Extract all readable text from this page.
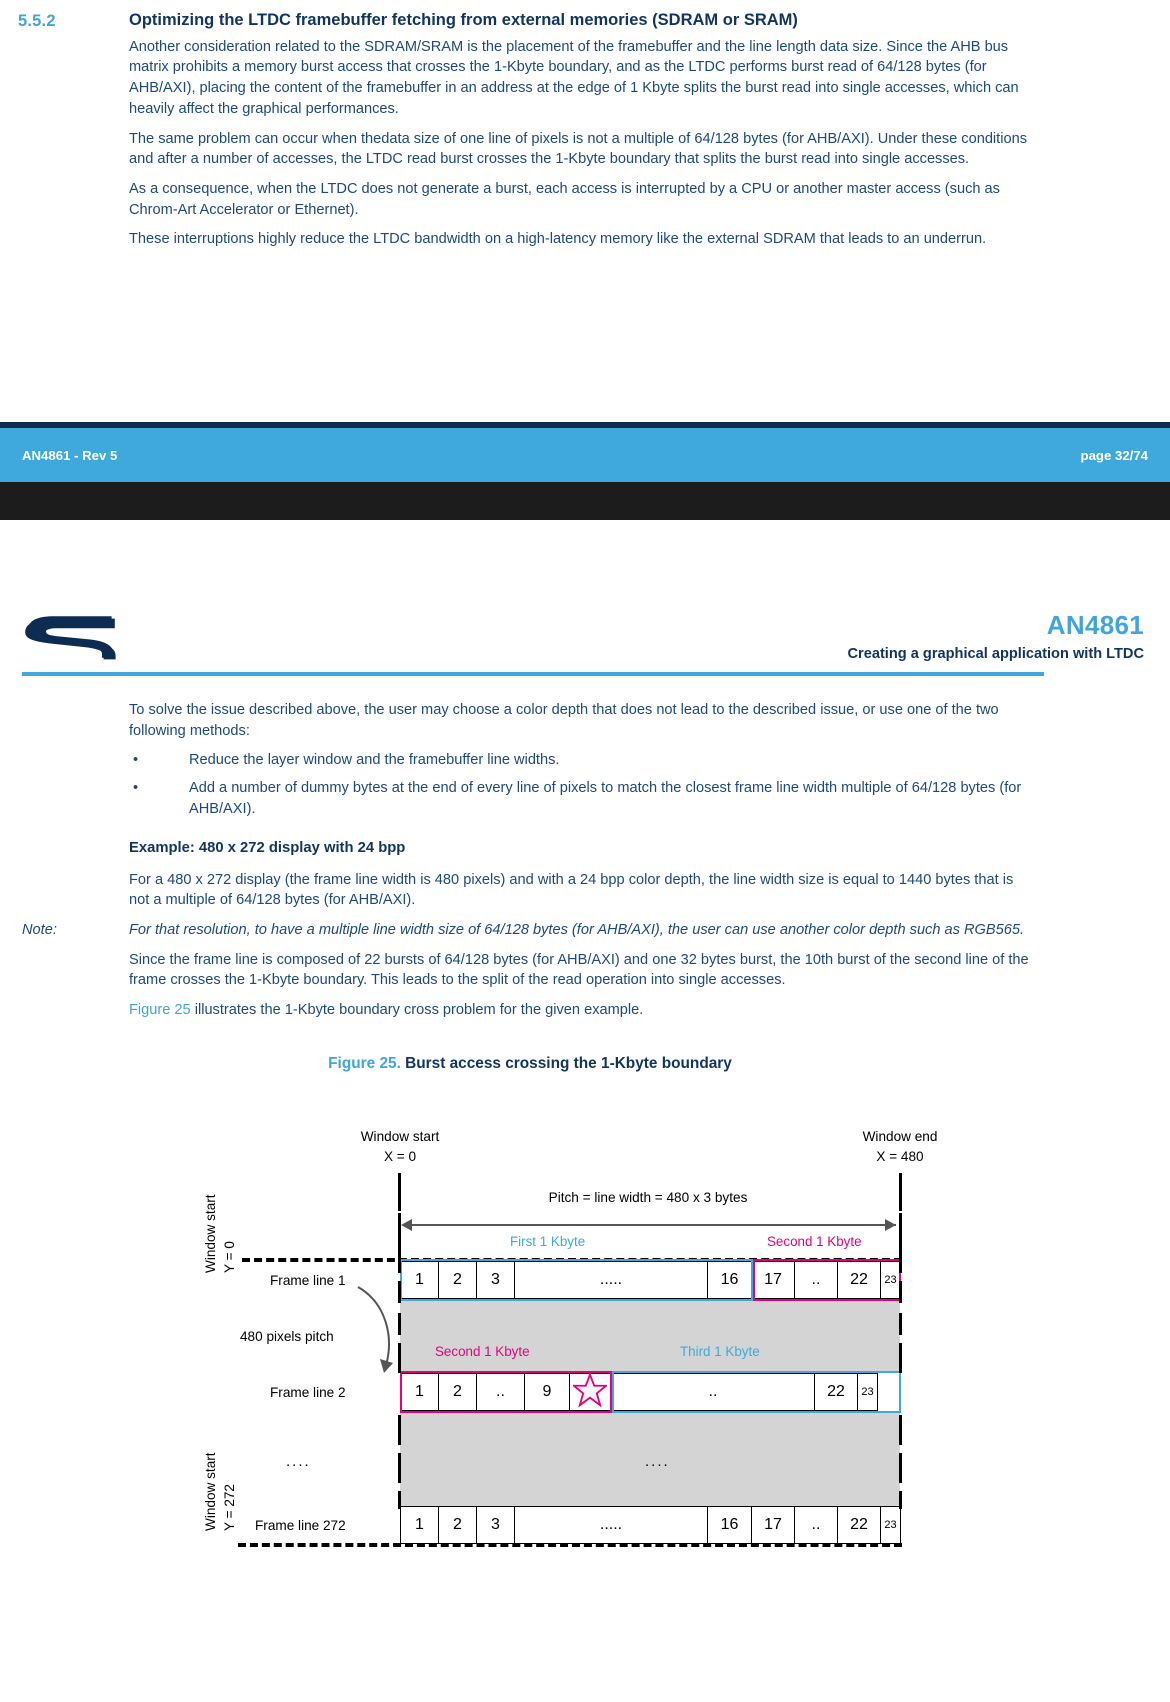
5.5.2	Optimizing the LTDC framebuffer fetching from external memories (SDRAM or SRAM)

Another consideration related to the SDRAM/SRAM is the placement of the framebuffer and the line length data size. Since the AHB bus matrix prohibits a memory burst access that crosses the 1-Kbyte boundary, and as the LTDC performs burst read of 64/128 bytes (for AHB/AXI), placing the content of the framebuffer in an address at the edge of 1 Kbyte splits the burst read into single accesses, which can heavily affect the graphical performances.

The same problem can occur when thedata size of one line of pixels is not a multiple of 64/128 bytes (for AHB/AXI). Under these conditions and after a number of accesses, the LTDC read burst crosses the 1-Kbyte boundary that splits the burst read into single accesses.

As a consequence, when the LTDC does not generate a burst, each access is interrupted by a CPU or another master access (such as Chrom-Art Accelerator or Ethernet).

These interruptions highly reduce the LTDC bandwidth on a high-latency memory like the external SDRAM that leads to an underrun.

AN4861 - Rev 5	page 32/74
AN4861
Creating a graphical application with LTDC

To solve the issue described above, the user may choose a color depth that does not lead to the described issue, or use one of the two following methods:

•	Reduce the layer window and the framebuffer line widths.
•	Add a number of dummy bytes at the end of every line of pixels to match the closest frame line width multiple of 64/128 bytes (for AHB/AXI).
Example: 480 x 272 display with 24 bpp

For a 480 x 272 display (the frame line width is 480 pixels) and with a 24 bpp color depth, the line width size is equal to 1440 bytes that is not a multiple of 64/128 bytes (for AHB/AXI).

Note:	For that resolution, to have a multiple line width size of 64/128 bytes (for AHB/AXI), the user can use another color depth such as RGB565.

Since the frame line is composed of 22 bursts of 64/128 bytes (for AHB/AXI) and one 32 bytes burst, the 10th burst of the second line of the frame crosses the 1-Kbyte boundary. This leads to the split of the read operation into single accesses.

Figure 25 illustrates the 1-Kbyte boundary cross problem for the given example.

Figure 25. Burst access crossing the 1-Kbyte boundary
Window start
X = 0
Window end
X = 480
Pitch = line width = 480 x 3 bytes
Window start Y = 0
Window start Y = 272
First 1 Kbyte	Second 1 Kbyte
Frame line 1	1	2	3	.....	16	17	..	22	23
480 pixels pitch
Second 1 Kbyte	Third 1 Kbyte
Frame line 2	1	2	..	9	..	22	23
....	....
Frame line 272	1	2	3	.....	16	17	..	22	23
